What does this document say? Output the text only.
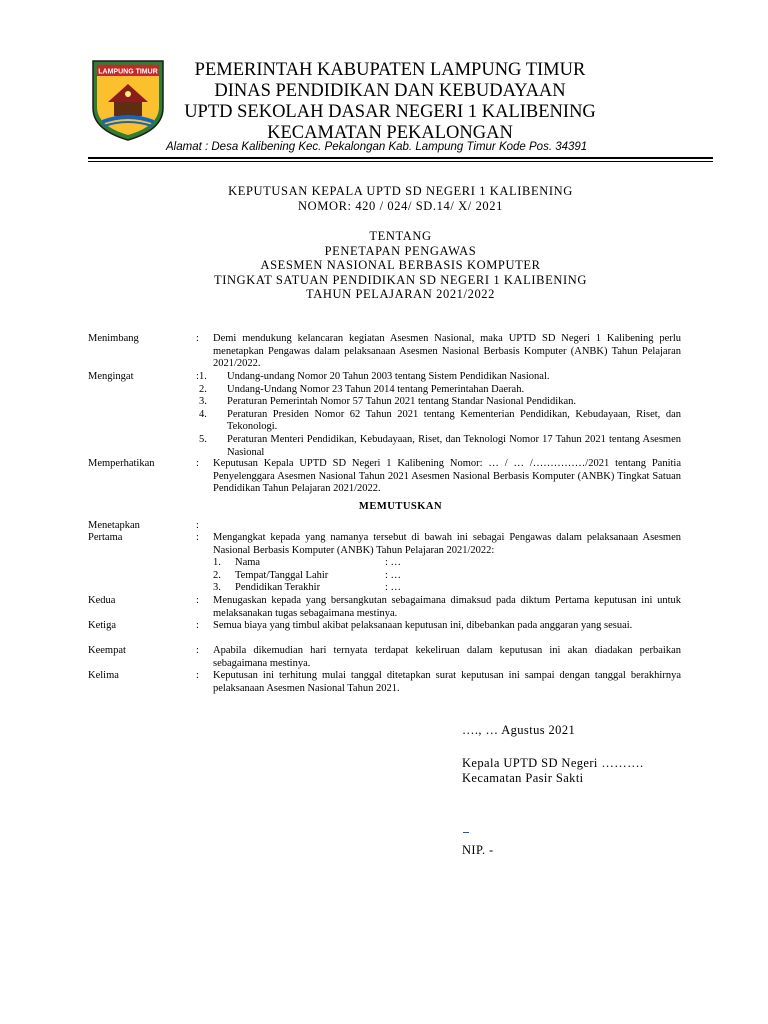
LAMPUNG TIMUR	PEMERINTAH KABUPATEN LAMPUNG TIMUR
DINAS PENDIDIKAN DAN KEBUDAYAAN
UPTD SEKOLAH DASAR NEGERI 1 KALIBENING
KECAMATAN PEKALONGAN
Alamat : Desa Kalibening Kec. Pekalongan Kab. Lampung Timur Kode Pos. 34391
KEPUTUSAN KEPALA UPTD SD NEGERI 1 KALIBENING
NOMOR: 420 / 024/ SD.14/ X/ 2021
TENTANG
PENETAPAN PENGAWAS
ASESMEN NASIONAL BERBASIS KOMPUTER
TINGKAT SATUAN PENDIDIKAN SD NEGERI 1 KALIBENING
TAHUN PELAJARAN 2021/2022
Menimbang	: Demi mendukung kelancaran kegiatan Asesmen Nasional, maka UPTD SD Negeri 1 Kalibening perlu menetapkan Pengawas dalam pelaksanaan Asesmen Nasional Berbasis Komputer (ANBK) Tahun Pelajaran 2021/2022.
Mengingat	: 1. Undang-undang Nomor 20 Tahun 2003 tentang Sistem Pendidikan Nasional.
2. Undang-Undang Nomor 23 Tahun 2014 tentang Pemerintahan Daerah.
3. Peraturan Pemerintah Nomor 57 Tahun 2021 tentang Standar Nasional Pendidikan.
4. Peraturan Presiden Nomor 62 Tahun 2021 tentang Kementerian Pendidikan, Kebudayaan, Riset, dan Tekonologi.
5. Peraturan Menteri Pendidikan, Kebudayaan, Riset, dan Teknologi Nomor 17 Tahun 2021 tentang Asesmen Nasional
Memperhatikan	: Keputusan Kepala UPTD SD Negeri 1 Kalibening Nomor: … / … /……………/2021 tentang Panitia Penyelenggara Asesmen Nasional Tahun 2021 Asesmen Nasional Berbasis Komputer (ANBK) Tingkat Satuan Pendidikan Tahun Pelajaran 2021/2022.
MEMUTUSKAN
Menetapkan	:
Pertama	: Mengangkat kepada yang namanya tersebut di bawah ini sebagai Pengawas dalam pelaksanaan Asesmen Nasional Berbasis Komputer (ANBK) Tahun Pelajaran 2021/2022:
1.	Nama	: …
2.	Tempat/Tanggal Lahir	: …
3.	Pendidikan Terakhir	: …
Kedua	: Menugaskan kepada yang bersangkutan sebagaimana dimaksud pada diktum Pertama keputusan ini untuk melaksanakan tugas sebagaimana mestinya.
Ketiga	: Semua biaya yang timbul akibat pelaksanaan keputusan ini, dibebankan pada anggaran yang sesuai.
Keempat	: Apabila dikemudian hari ternyata terdapat kekeliruan dalam keputusan ini akan diadakan perbaikan sebagaimana mestinya.
Kelima	: Keputusan ini terhitung mulai tanggal ditetapkan surat keputusan ini sampai dengan tanggal berakhirnya pelaksanaan Asesmen Nasional Tahun 2021.
…., … Agustus 2021
Kepala UPTD SD Negeri ……….
Kecamatan Pasir Sakti
NIP. -
